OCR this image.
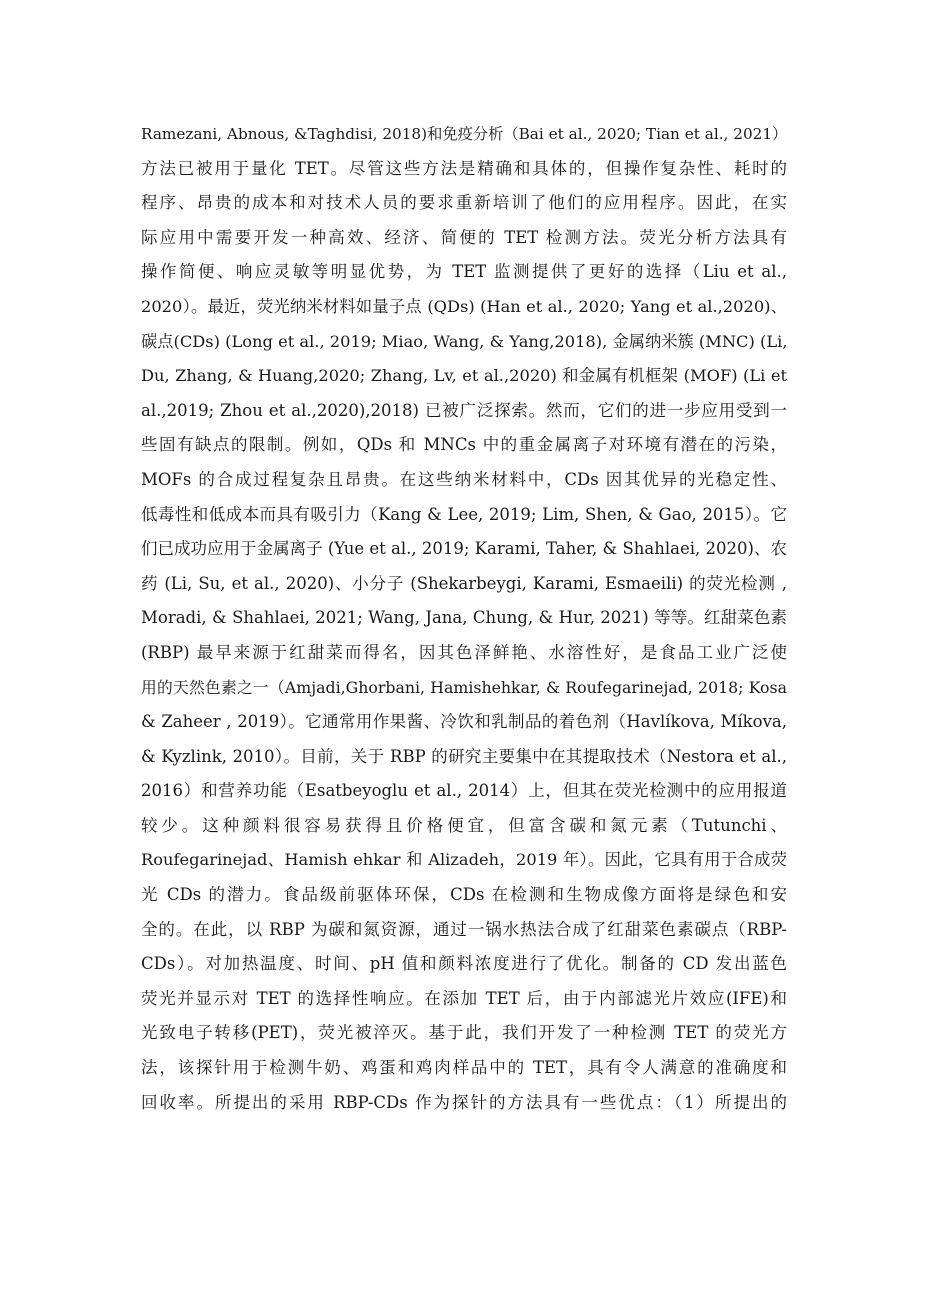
Ramezani, Abnous, &Taghdisi, 2018)和免疫分析（Bai et al., 2020; Tian et al., 2021）
方法已被用于量化 TET。尽管这些方法是精确和具体的，但操作复杂性、耗时的
程序、昂贵的成本和对技术人员的要求重新培训了他们的应用程序。因此，在实
际应用中需要开发一种高效、经济、简便的 TET 检测方法。荧光分析方法具有
操作简便、响应灵敏等明显优势，为 TET 监测提供了更好的选择（Liu et al.,
2020）。最近，荧光纳米材料如量子点 (QDs) (Han et al., 2020; Yang et al.,2020)、
碳点(CDs) (Long et al., 2019; Miao, Wang, & Yang,2018), 金属纳米簇 (MNC) (Li,
Du, Zhang, & Huang,2020; Zhang, Lv, et al.,2020) 和金属有机框架 (MOF) (Li et
al.,2019; Zhou et al.,2020),2018) 已被广泛探索。然而，它们的进一步应用受到一
些固有缺点的限制。例如，QDs 和 MNCs 中的重金属离子对环境有潜在的污染，
MOFs 的合成过程复杂且昂贵。在这些纳米材料中，CDs 因其优异的光稳定性、
低毒性和低成本而具有吸引力（Kang & Lee, 2019; Lim, Shen, & Gao, 2015）。它
们已成功应用于金属离子 (Yue et al., 2019; Karami, Taher, & Shahlaei, 2020)、农
药 (Li, Su, et al., 2020)、小分子 (Shekarbeygi, Karami, Esmaeili) 的荧光检测 ,
Moradi, & Shahlaei, 2021; Wang, Jana, Chung, & Hur, 2021) 等等。红甜菜色素
(RBP) 最早来源于红甜菜而得名，因其色泽鲜艳、水溶性好，是食品工业广泛使
用的天然色素之一（Amjadi,Ghorbani, Hamishehkar, & Roufegarinejad, 2018; Kosa
& Zaheer , 2019）。它通常用作果酱、冷饮和乳制品的着色剂（Havlı́kova, Mı́kova,
& Kyzlink, 2010）。目前，关于 RBP 的研究主要集中在其提取技术（Nestora et al.,
2016）和营养功能（Esatbeyoglu et al., 2014）上，但其在荧光检测中的应用报道
较少。这种颜料很容易获得且价格便宜，但富含碳和氮元素（Tutunchi、
Roufegarinejad、Hamish ehkar 和 Alizadeh，2019 年）。因此，它具有用于合成荧
光 CDs 的潜力。食品级前驱体环保，CDs 在检测和生物成像方面将是绿色和安
全的。在此，以 RBP 为碳和氮资源，通过一锅水热法合成了红甜菜色素碳点（RBP-
CDs）。对加热温度、时间、pH 值和颜料浓度进行了优化。制备的 CD 发出蓝色
荧光并显示对 TET 的选择性响应。在添加 TET 后，由于内部滤光片效应(IFE)和
光致电子转移(PET)，荧光被淬灭。基于此，我们开发了一种检测 TET 的荧光方
法，该探针用于检测牛奶、鸡蛋和鸡肉样品中的 TET，具有令人满意的准确度和
回收率。所提出的采用 RBP-CDs 作为探针的方法具有一些优点：（1）所提出的
